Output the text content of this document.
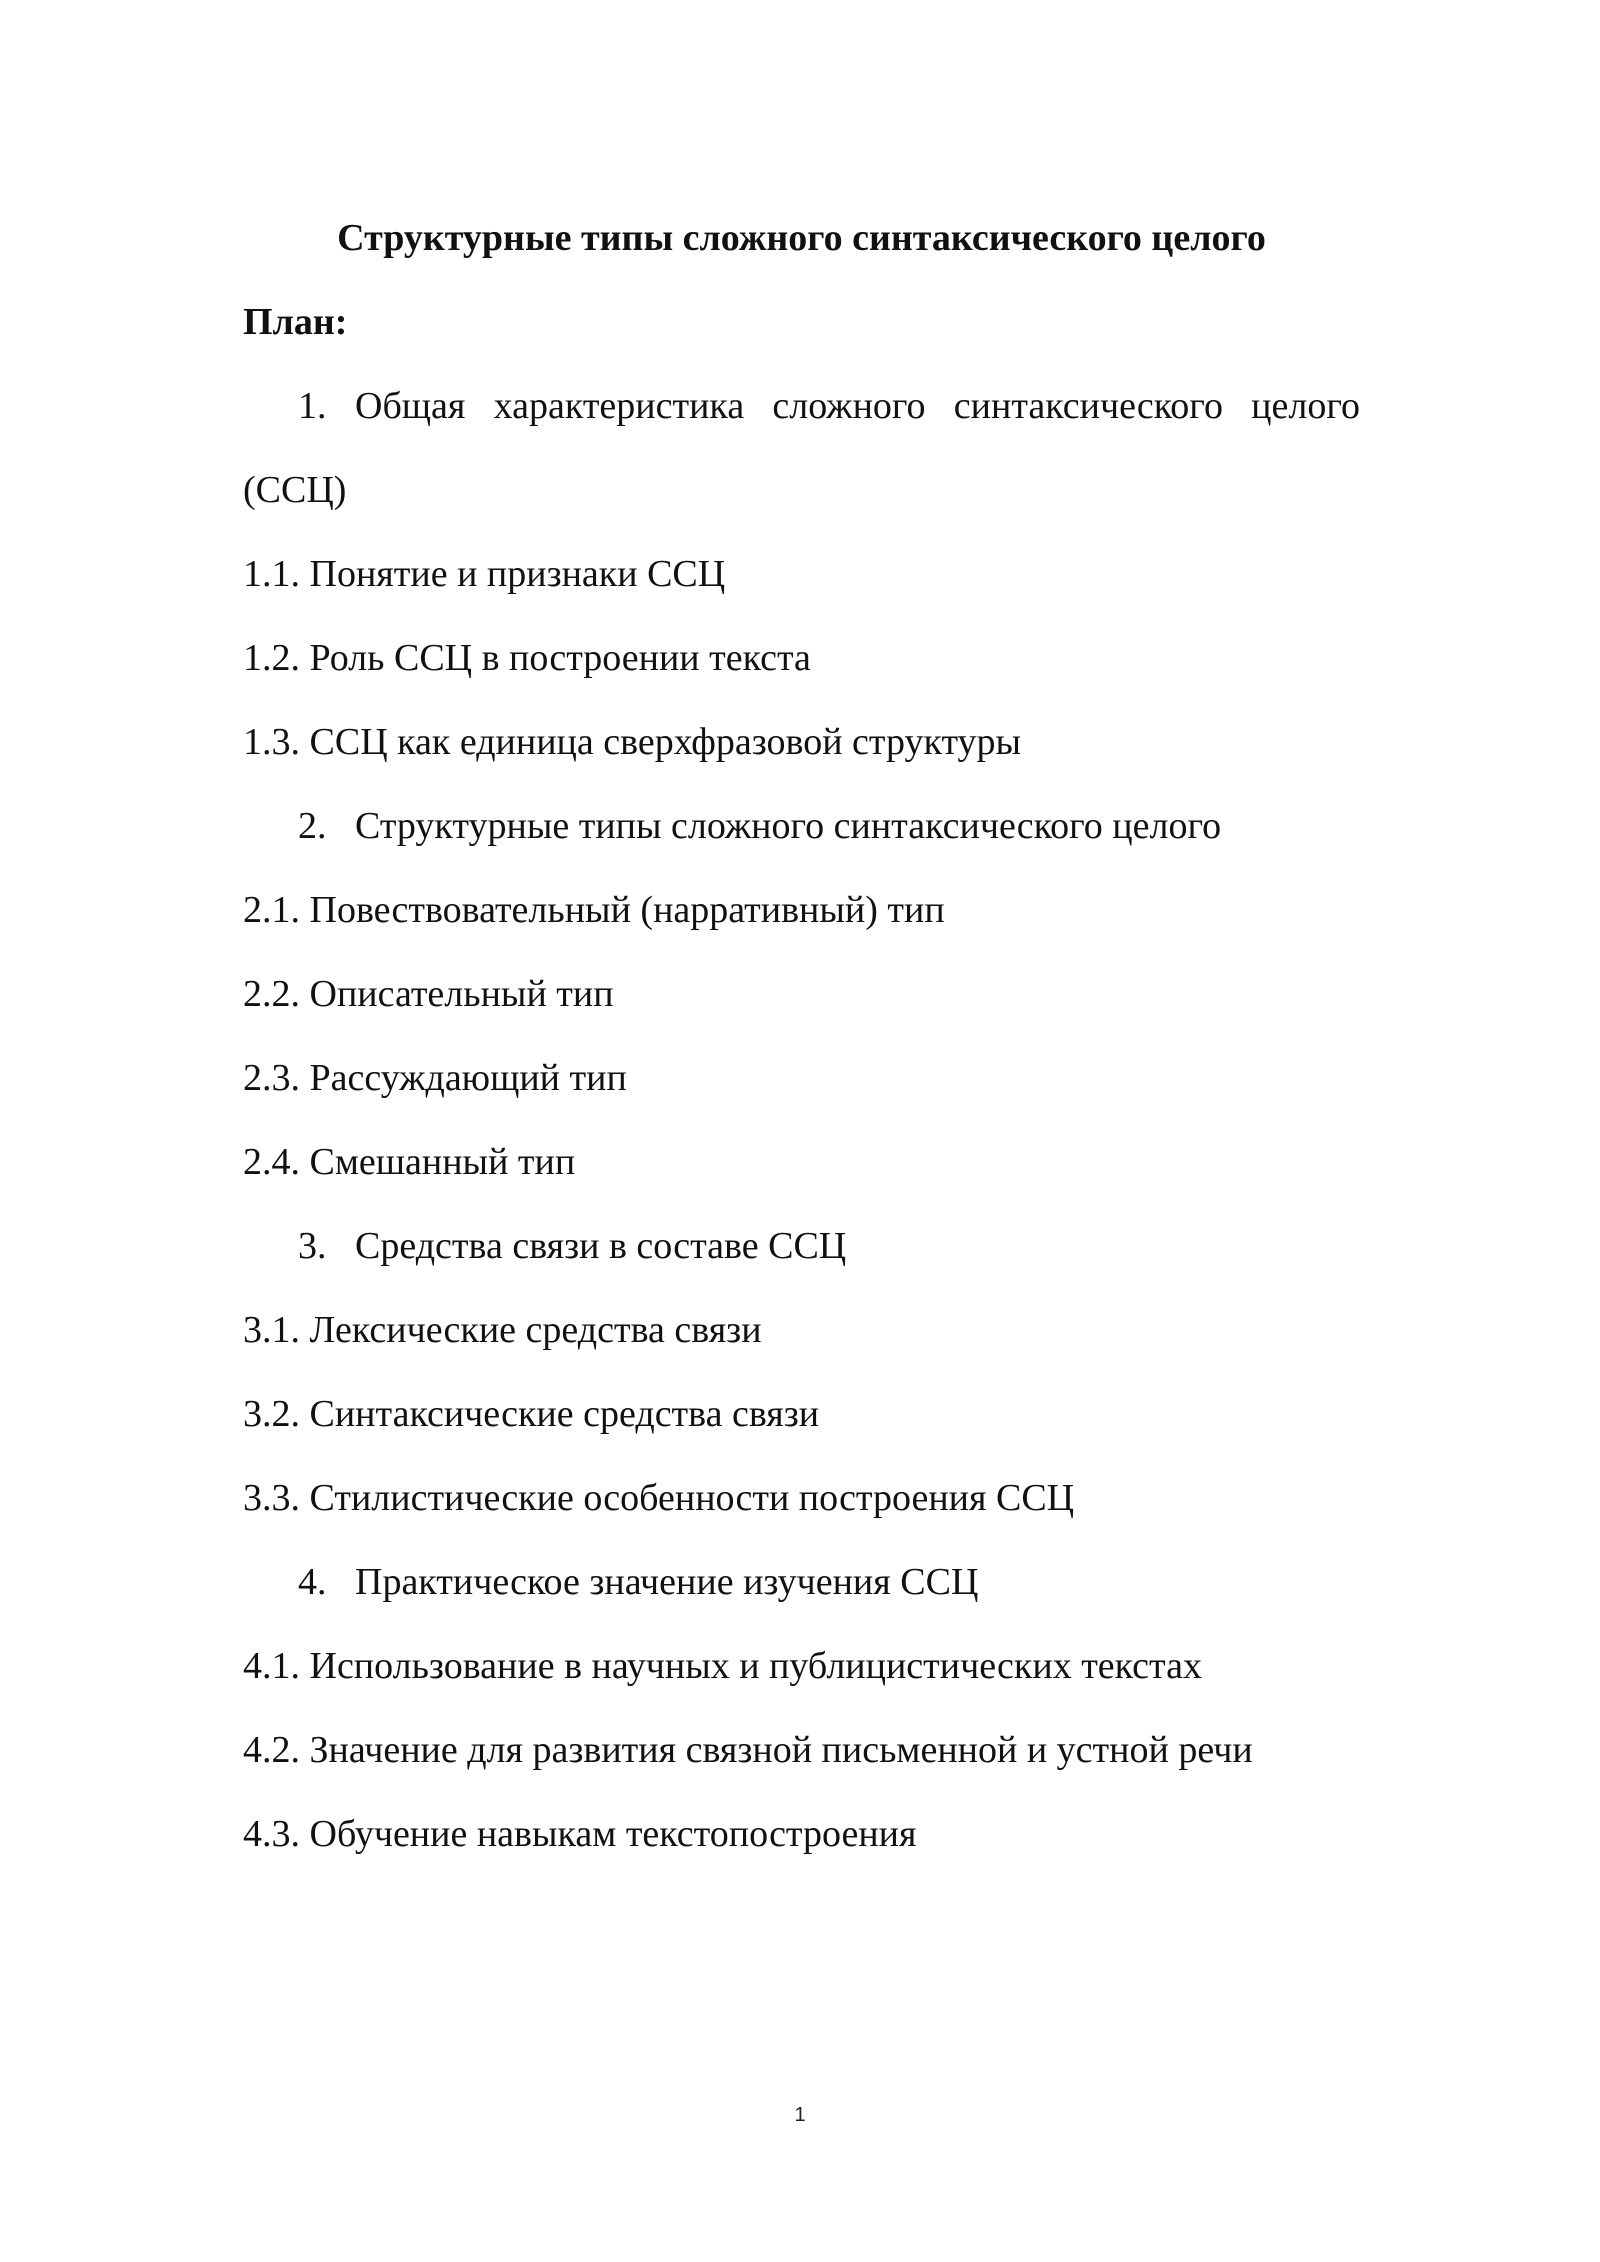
Структурные типы сложного синтаксического целого
План:
1. Общая характеристика сложного синтаксического целого
(ССЦ)
1.1. Понятие и признаки ССЦ
1.2. Роль ССЦ в построении текста
1.3. ССЦ как единица сверхфразовой структуры
2. Структурные типы сложного синтаксического целого
2.1. Повествовательный (нарративный) тип
2.2. Описательный тип
2.3. Рассуждающий тип
2.4. Смешанный тип
3. Средства связи в составе ССЦ
3.1. Лексические средства связи
3.2. Синтаксические средства связи
3.3. Стилистические особенности построения ССЦ
4. Практическое значение изучения ССЦ
4.1. Использование в научных и публицистических текстах
4.2. Значение для развития связной письменной и устной речи
4.3. Обучение навыкам текстопостроения
1
